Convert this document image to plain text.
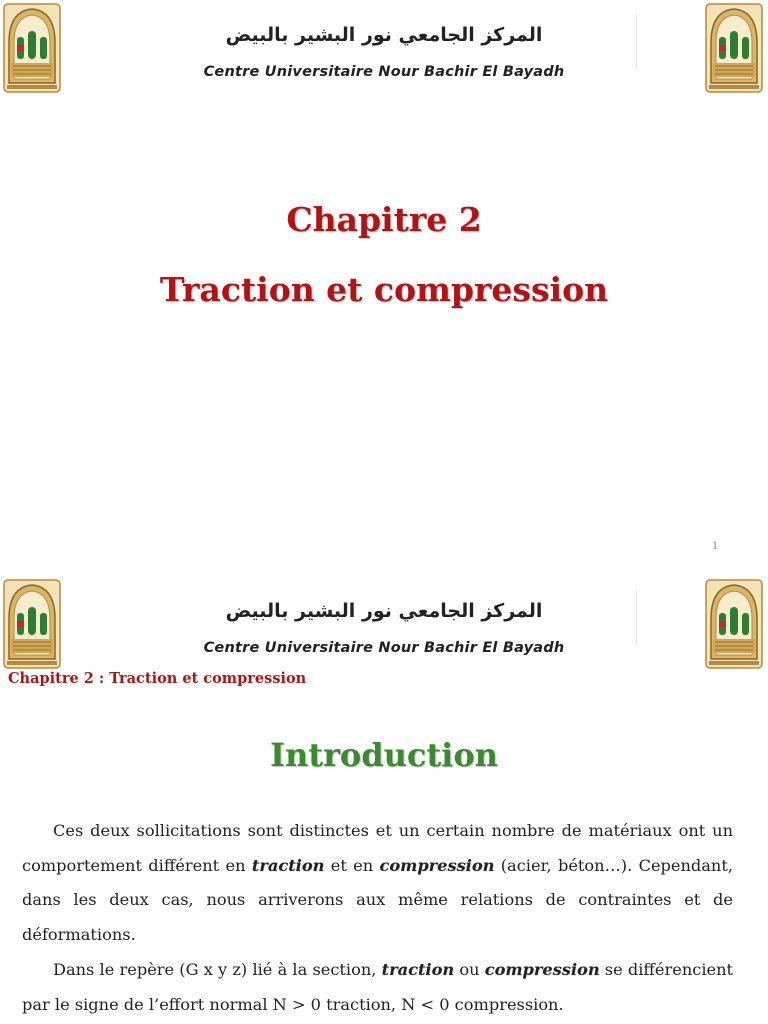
المركز الجامعي نور البشير بالبيض
Centre Universitaire Nour Bachir El Bayadh
Chapitre 2
Traction et compression
1
المركز الجامعي نور البشير بالبيض
Centre Universitaire Nour Bachir El Bayadh
Chapitre 2 : Traction et compression
Introduction
Ces deux sollicitations sont distinctes et un certain nombre de matériaux ont un comportement différent en traction et en compression (acier, béton…). Cependant, dans les deux cas, nous arriverons aux même relations de contraintes et de déformations.
Dans le repère (G x y z) lié à la section, traction ou compression se différencient par le signe de l’effort normal N > 0 traction, N < 0 compression.
